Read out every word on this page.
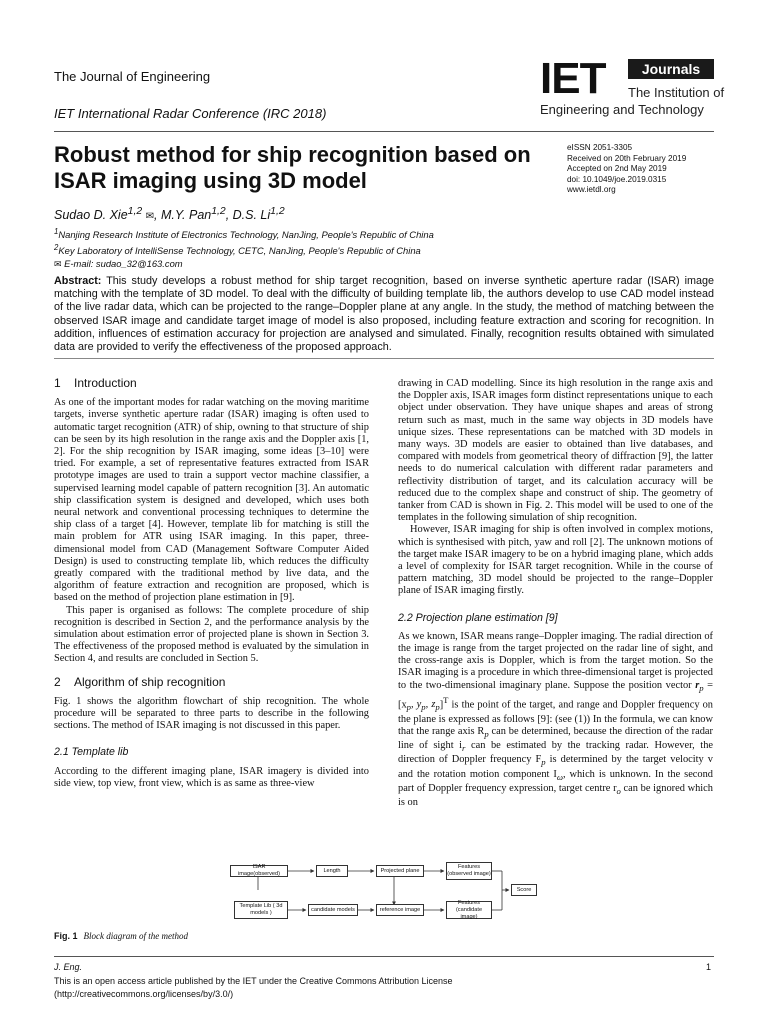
The Journal of Engineering
IET International Radar Conference (IRC 2018)
IET	Journals
The Institution of
Engineering and Technology
Robust method for ship recognition based on ISAR imaging using 3D model
eISSN 2051-3305
Received on 20th February 2019
Accepted on 2nd May 2019
doi: 10.1049/joe.2019.0315
www.ietdl.org
Sudao D. Xie$^{1,2}$ ✉, M.Y. Pan$^{1,2}$, D.S. Li$^{1,2}$
$^1$Nanjing Research Institute of Electronics Technology, NanJing, People's Republic of China
$^2$Key Laboratory of IntelliSense Technology, CETC, NanJing, People's Republic of China
✉ E-mail: sudao_32@163.com
Abstract: This study develops a robust method for ship target recognition, based on inverse synthetic aperture radar (ISAR) image matching with the template of 3D model. To deal with the difficulty of building template lib, the authors develop to use CAD model instead of the live radar data, which can be projected to the range–Doppler plane at any angle. In the study, the method of matching between the observed ISAR image and candidate target image of model is also proposed, including feature extraction and scoring for recognition. In addition, influences of estimation accuracy for projection are analysed and simulated. Finally, recognition results obtained with simulated data are provided to verify the effectiveness of the proposed approach.
1 Introduction

As one of the important modes for radar watching on the moving maritime targets, inverse synthetic aperture radar (ISAR) imaging is often used to automatic target recognition (ATR) of ship, owning to that structure of ship can be seen by its high resolution in the range axis and the Doppler axis [1, 2]. For the ship recognition by ISAR imaging, some ideas [3–10] were tried. For example, a set of representative features extracted from ISAR prototype images are used to train a support vector machine classifier, a supervised learning model capable of pattern recognition [3]. An automatic ship classification system is designed and developed, which uses both neural network and conventional processing techniques to determine the ship class of a target [4]. However, template lib for matching is still the main problem for ATR using ISAR imaging. In this paper, three-dimensional model from CAD (Management Software Computer Aided Design) is used to constructing template lib, which reduces the difficulty greatly compared with the traditional method by live data, and the algorithm of feature extraction and recognition are proposed, which is based on the method of projection plane estimation in [9].

This paper is organised as follows: The complete procedure of ship recognition is described in Section 2, and the performance analysis by the simulation about estimation error of projected plane is shown in Section 3. The effectiveness of the proposed method is evaluated by the simulation in Section 4, and results are concluded in Section 5.

2 Algorithm of ship recognition

Fig. 1 shows the algorithm flowchart of ship recognition. The whole procedure will be separated to three parts to describe in the following sections. The method of ISAR imaging is not discussed in this paper.

2.1 Template lib

According to the different imaging plane, ISAR imagery is divided into side view, top view, front view, which is as same as three-view

drawing in CAD modelling. Since its high resolution in the range axis and the Doppler axis, ISAR images form distinct representations unique to each object under observation. They have unique shapes and areas of strong return such as mast, much in the same way objects in 3D models have unique sizes. These representations can be matched with 3D models in many ways. 3D models are easier to obtained than live databases, and compared with models from geometrical theory of diffraction [9], the latter needs to do numerical calculation with different radar parameters and reflectivity distribution of target, and its calculation accuracy will be reduced due to the complex shape and construct of ship. The geometry of tanker from CAD is shown in Fig. 2. This model will be used to one of the templates in the following simulation of ship recognition.

However, ISAR imaging for ship is often involved in complex motions, which is synthesised with pitch, yaw and roll [2]. The unknown motions of the target make ISAR imagery to be on a hybrid imaging plane, which adds a level of complexity for ISAR target recognition. While in the course of pattern matching, 3D model should be projected to the range–Doppler plane of ISAR imaging firstly.

2.2 Projection plane estimation [9]

As we known, ISAR means range–Doppler imaging. The radial direction of the image is range from the target projected on the radar line of sight, and the cross-range axis is Doppler, which is from the target motion. So the ISAR imaging is a procedure in which three-dimensional target is projected to the two-dimensional imaginary plane. Suppose the position vector $r_p = [x_p$, $y_p$, $z_p]^T$ is the point of the target, and range and Doppler frequency on the plane is expressed as follows [9]: (see (1)) In the formula, we can know that the range axis $R_p$ can be determined, because the direction of the radar line of sight $i_r$ can be estimated by the tracking radar. However, the direction of Doppler frequency $F_p$ is determined by the target velocity v and the rotation motion component $I_\omega$, which is unknown. In the second part of Doppler frequency expression, target centre $r_o$ can be ignored which is on

ISAR image(observed)
Length	Projected plane
Features (observed image)
Score
Template Lib ( 3d models )
candidate models	reference image
Features (candidate image)
Fig. 1 Block diagram of the method
J. Eng.	1
This is an open access article published by the IET under the Creative Commons Attribution License
(http://creativecommons.org/licenses/by/3.0/)
